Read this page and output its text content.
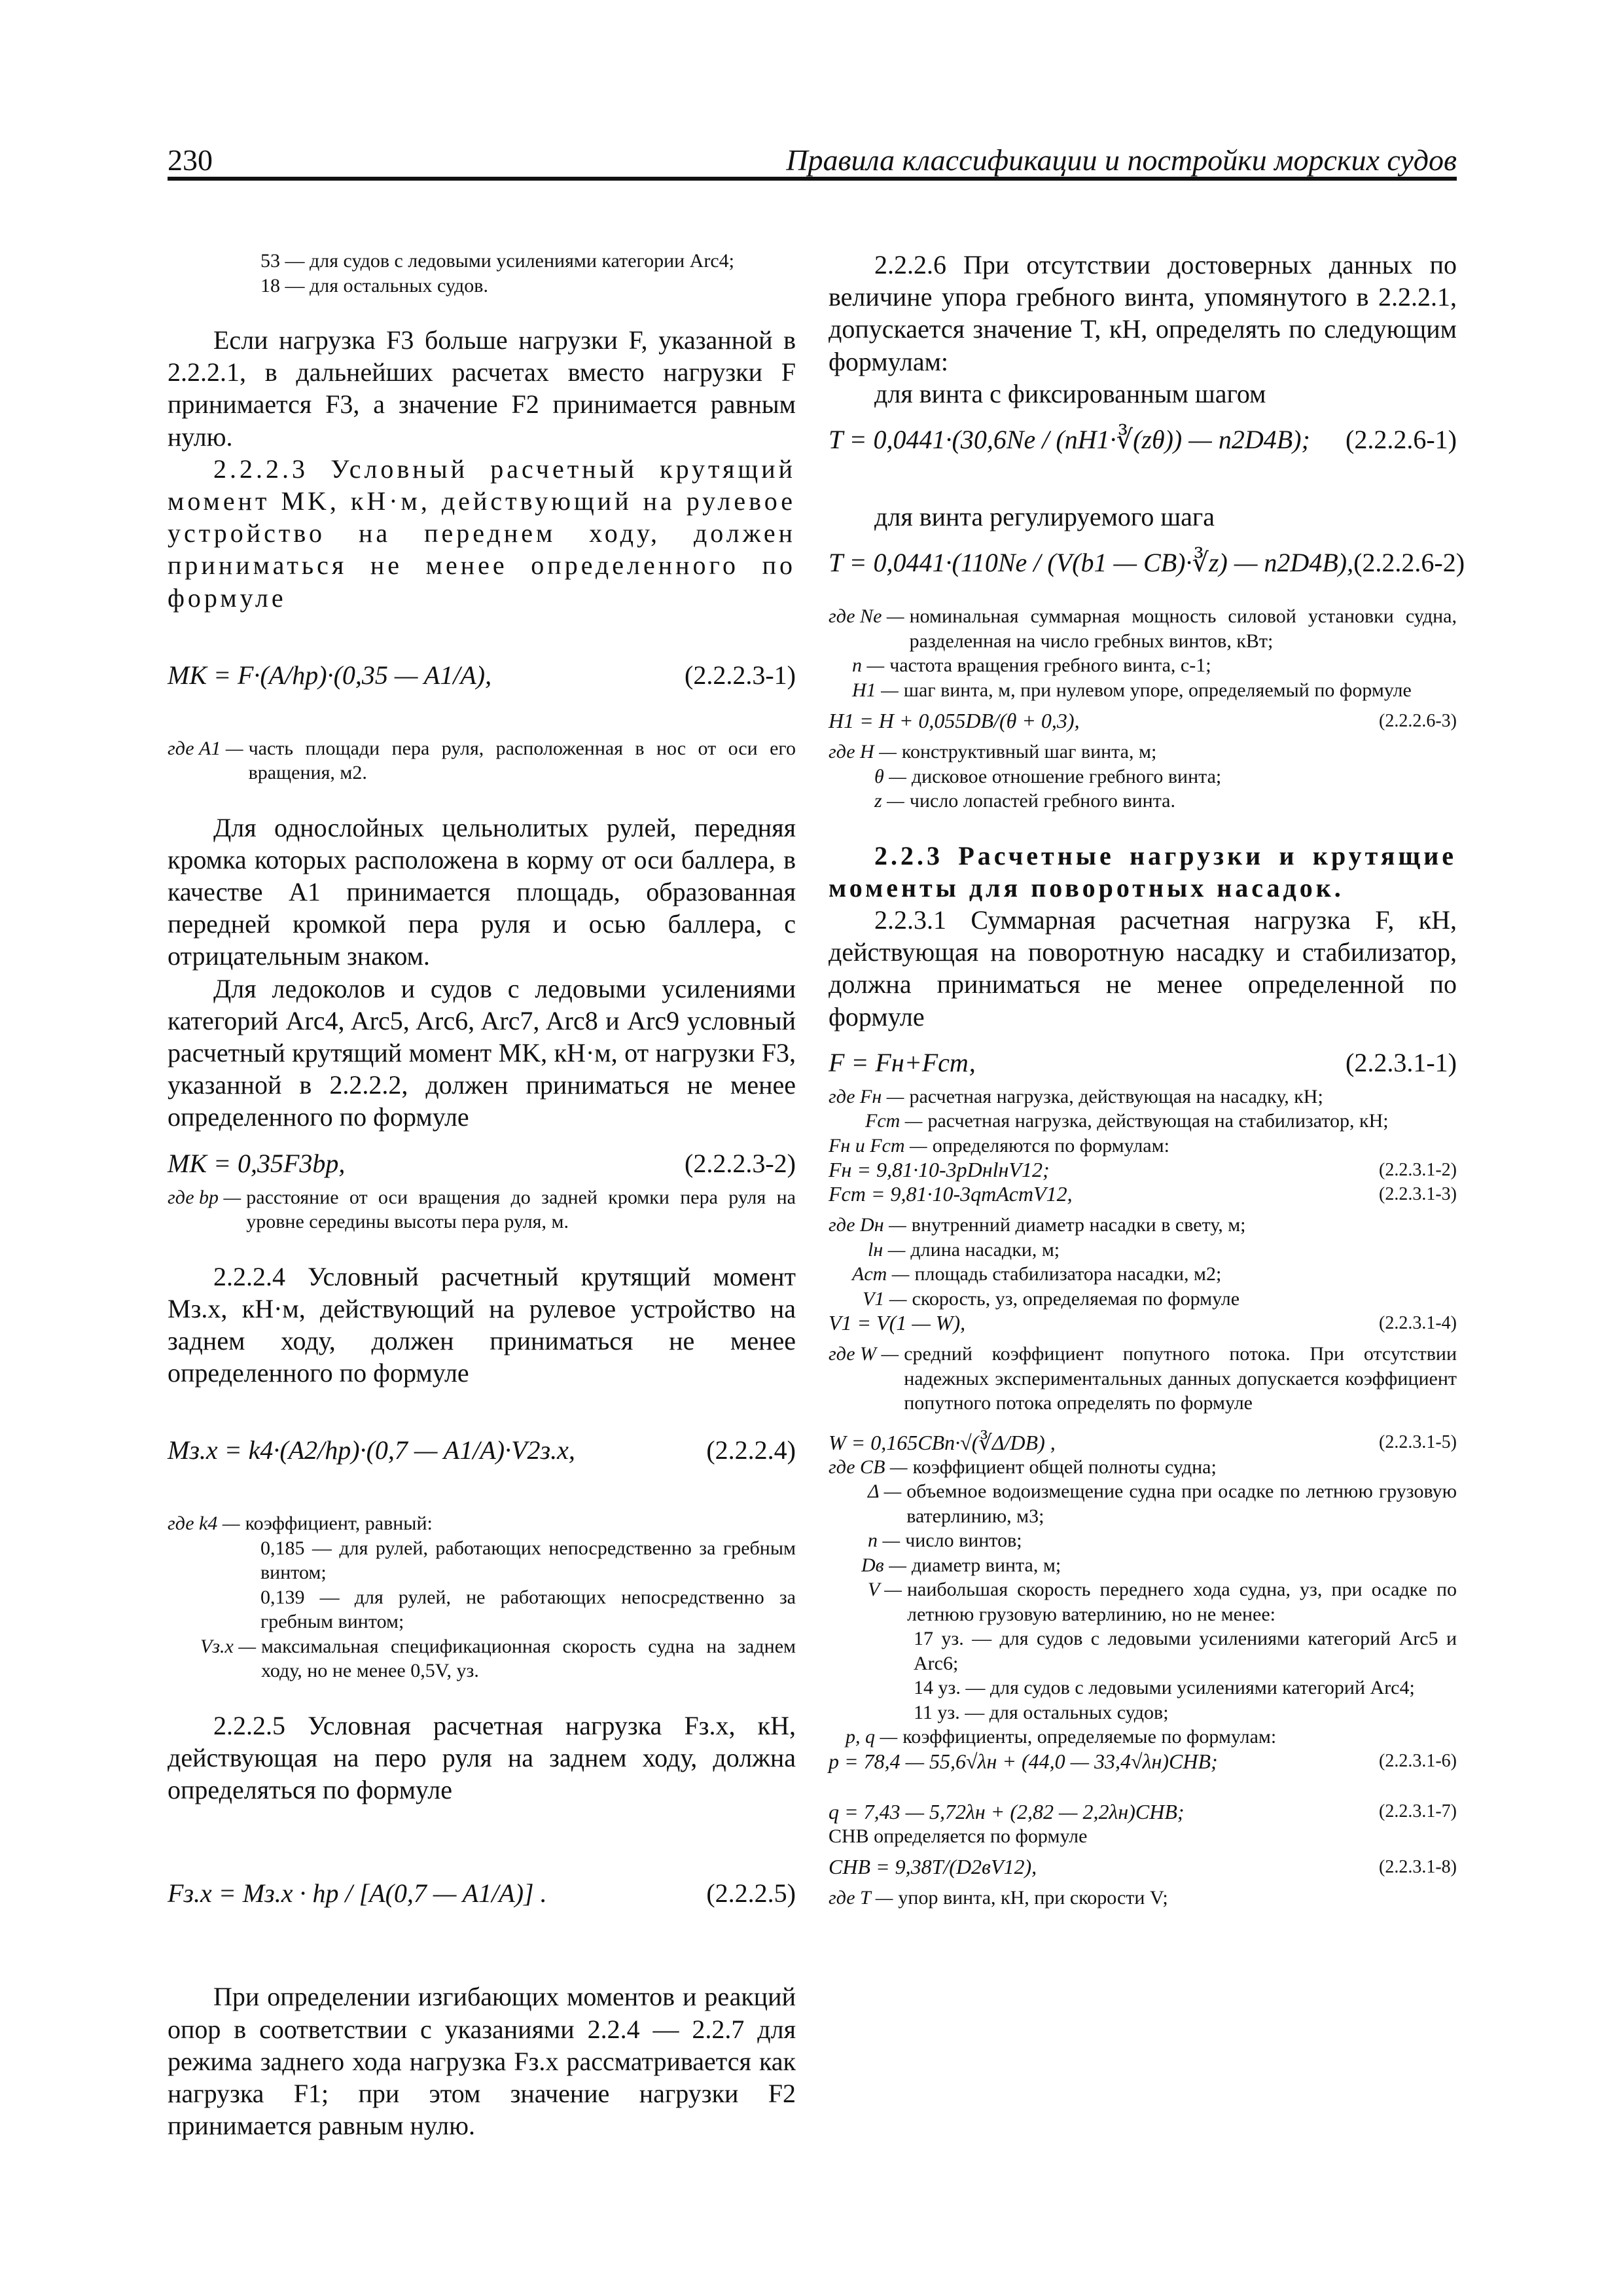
230	Правила классификации и постройки морских судов

53 — для судов с ледовыми усилениями категории Arc4;

18 — для остальных судов.

Если нагрузка F3 больше нагрузки F, указанной в 2.2.2.1, в дальнейших расчетах вместо нагрузки F принимается F3, а значение F2 принимается равным нулю.

2.2.2.3 Условный расчетный крутящий момент MK, кН·м, действующий на рулевое устройство на переднем ходу, должен приниматься не менее определенного по формуле

MK = F·(A/hр)·(0,35 — A1/A),	(2.2.2.3-1)
где A1 — часть площади пера руля, расположенная в нос от оси его вращения, м2.

Для однослойных цельнолитых рулей, передняя кромка которых расположена в корму от оси баллера, в качестве A1 принимается площадь, образованная передней кромкой пера руля и осью баллера, с отрицательным знаком.

Для ледоколов и судов с ледовыми усилениями категорий Arc4, Arc5, Arc6, Arc7, Arc8 и Arc9 условный расчетный крутящий момент MK, кН·м, от нагрузки F3, указанной в 2.2.2.2, должен приниматься не менее определенного по формуле

MK = 0,35F3bp,	(2.2.2.3-2)
где bp — расстояние от оси вращения до задней кромки пера руля на уровне середины высоты пера руля, м.

2.2.2.4 Условный расчетный крутящий момент Mз.х, кН·м, действующий на рулевое устройство на заднем ходу, должен приниматься не менее определенного по формуле

Mз.х = k4·(A2/hр)·(0,7 — A1/A)·V2з.х,	(2.2.2.4)
где k4 — коэффициент, равный:

0,185 — для рулей, работающих непосредственно за гребным винтом;

0,139 — для рулей, не работающих непосредственно за гребным винтом;

Vз.х — максимальная спецификационная скорость судна на заднем ходу, но не менее 0,5V, уз.

2.2.2.5 Условная расчетная нагрузка Fз.х, кН, действующая на перо руля на заднем ходу, должна определяться по формуле

Fз.х = Mз.х · hр / [A(0,7 — A1/A)] .	(2.2.2.5)

При определении изгибающих моментов и реакций опор в соответствии с указаниями 2.2.4 — 2.2.7 для режима заднего хода нагрузка Fз.х рассматривается как нагрузка F1; при этом значение нагрузки F2 принимается равным нулю.

2.2.2.6 При отсутствии достоверных данных по величине упора гребного винта, упомянутого в 2.2.2.1, допускается значение T, кН, определять по следующим формулам:

для винта с фиксированным шагом

T = 0,0441·(30,6Ne / (nH1·∛(zθ)) — n2D4В); (2.2.2.6-1)

для винта регулируемого шага

T = 0,0441·(110Ne / (V(b1 — CB)·∛z) — n2D4В), (2.2.2.6-2)
где Ne — номинальная суммарная мощность силовой установки судна, разделенная на число гребных винтов, кВт;
n — частота вращения гребного винта, с-1;
H1 — шаг винта, м, при нулевом упоре, определяемый по формуле
H1 = H + 0,055DВ/(θ + 0,3),	(2.2.2.6-3)
где H — конструктивный шаг винта, м;
θ — дисковое отношение гребного винта;
z — число лопастей гребного винта.

2.2.3 Расчетные нагрузки и крутящие моменты для поворотных насадок.

2.2.3.1 Суммарная расчетная нагрузка F, кН, действующая на поворотную насадку и стабилизатор, должна приниматься не менее определенной по формуле

F = Fн+Fст,	(2.2.3.1-1)
где Fн — расчетная нагрузка, действующая на насадку, кН;
Fст — расчетная нагрузка, действующая на стабилизатор, кН;
Fн и Fст — определяются по формулам:
Fн = 9,81·10-3pDнlнV12;	(2.2.3.1-2)
Fст = 9,81·10-3qmAстV12,	(2.2.3.1-3)
где Dн — внутренний диаметр насадки в свету, м;
lн — длина насадки, м;
Aст — площадь стабилизатора насадки, м2;
V1 — скорость, уз, определяемая по формуле
V1 = V(1 — W),	(2.2.3.1-4)
где W — средний коэффициент попутного потока. При отсутствии надежных экспериментальных данных допускается коэффициент попутного потока определять по формуле
W = 0,165CBn·√(∛Δ/DВ) ,	(2.2.3.1-5)
где CB — коэффициент общей полноты судна;
Δ — объемное водоизмещение судна при осадке по летнюю грузовую ватерлинию, м3;
n — число винтов;
Dв — диаметр винта, м;
V — наибольшая скорость переднего хода судна, уз, при осадке по летнюю грузовую ватерлинию, но не менее:

17 уз. — для судов с ледовыми усилениями категорий Arc5 и Arc6;

14 уз. — для судов с ледовыми усилениями категорий Arc4;

11 уз. — для остальных судов;

p, q — коэффициенты, определяемые по формулам:
p = 78,4 — 55,6√λн + (44,0 — 33,4√λн)CНВ;	(2.2.3.1-6)
q = 7,43 — 5,72λн + (2,82 — 2,2λн)CНВ;	(2.2.3.1-7)

CНВ определяется по формуле

CНВ = 9,38T/(D2вV12),	(2.2.3.1-8)
где T — упор винта, кН, при скорости V;
